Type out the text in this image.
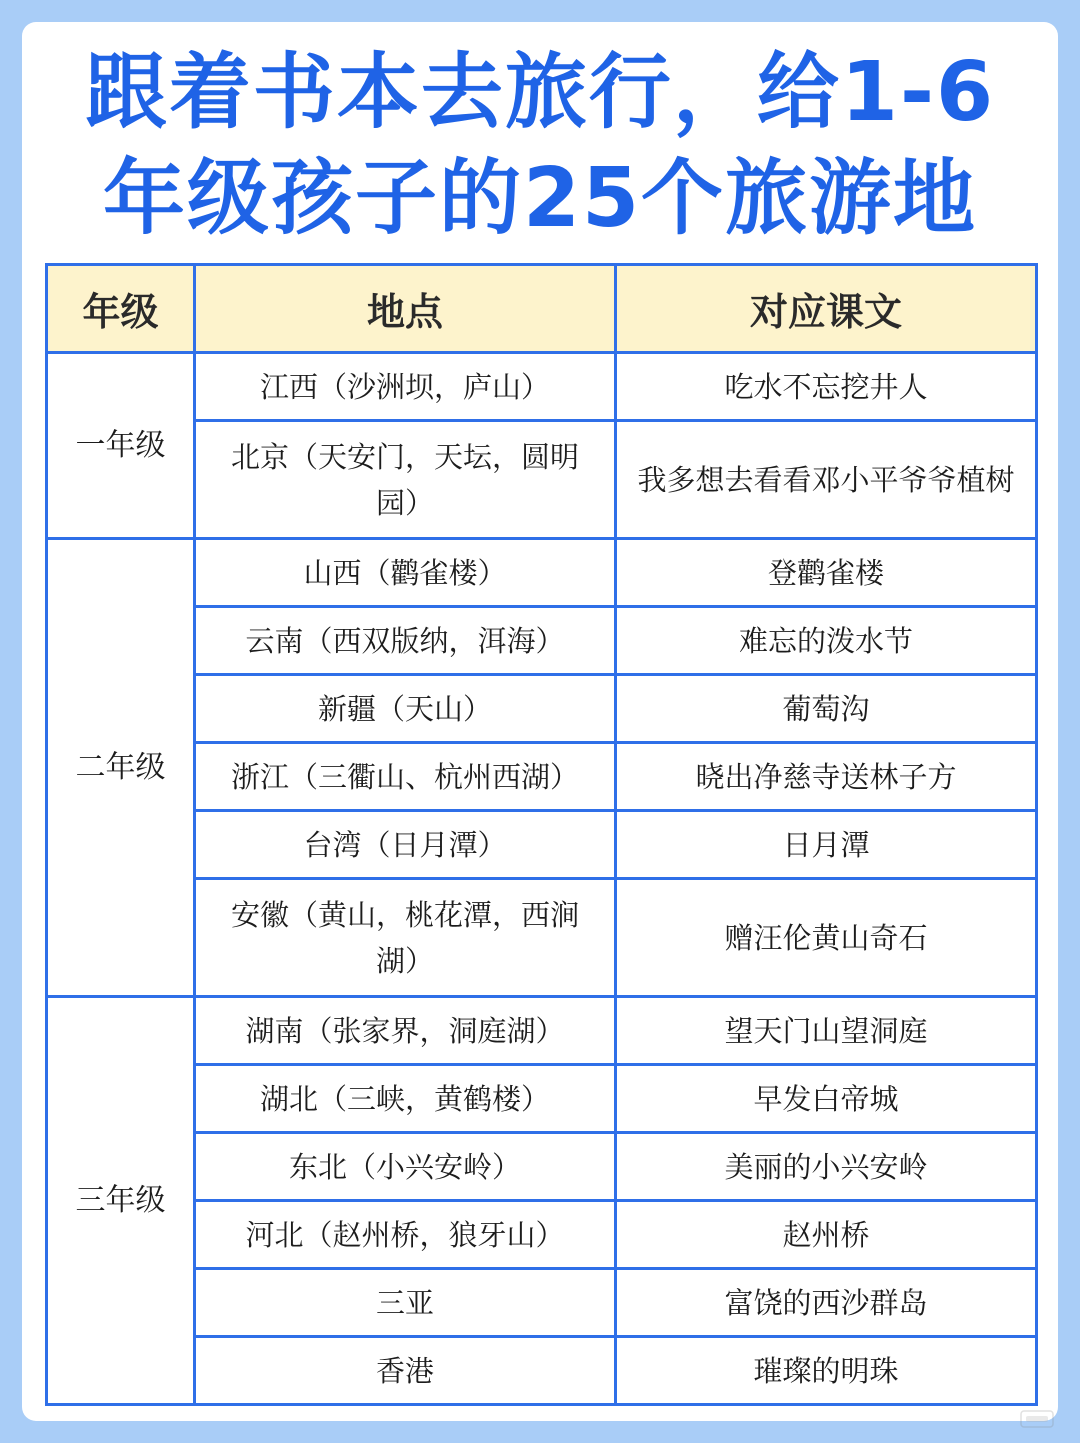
跟着书本去旅行，给1-6
年级孩子的25个旅游地
年级	地点	对应课文
一年级	江西（沙洲坝，庐山）	吃水不忘挖井人
	北京（天安门，天坛，圆明园）	我多想去看看邓小平爷爷植树
二年级	山西（鹳雀楼）	登鹳雀楼
	云南（西双版纳，洱海）	难忘的泼水节
	新疆（天山）	葡萄沟
	浙江（三衢山、杭州西湖）	晓出净慈寺送林子方
	台湾（日月潭）	日月潭
	安徽（黄山，桃花潭，西涧湖）	赠汪伦黄山奇石
三年级	湖南（张家界，洞庭湖）	望天门山望洞庭
	湖北（三峡，黄鹤楼）	早发白帝城
	东北（小兴安岭）	美丽的小兴安岭
	河北（赵州桥，狼牙山）	赵州桥
	三亚	富饶的西沙群岛
	香港	璀璨的明珠
